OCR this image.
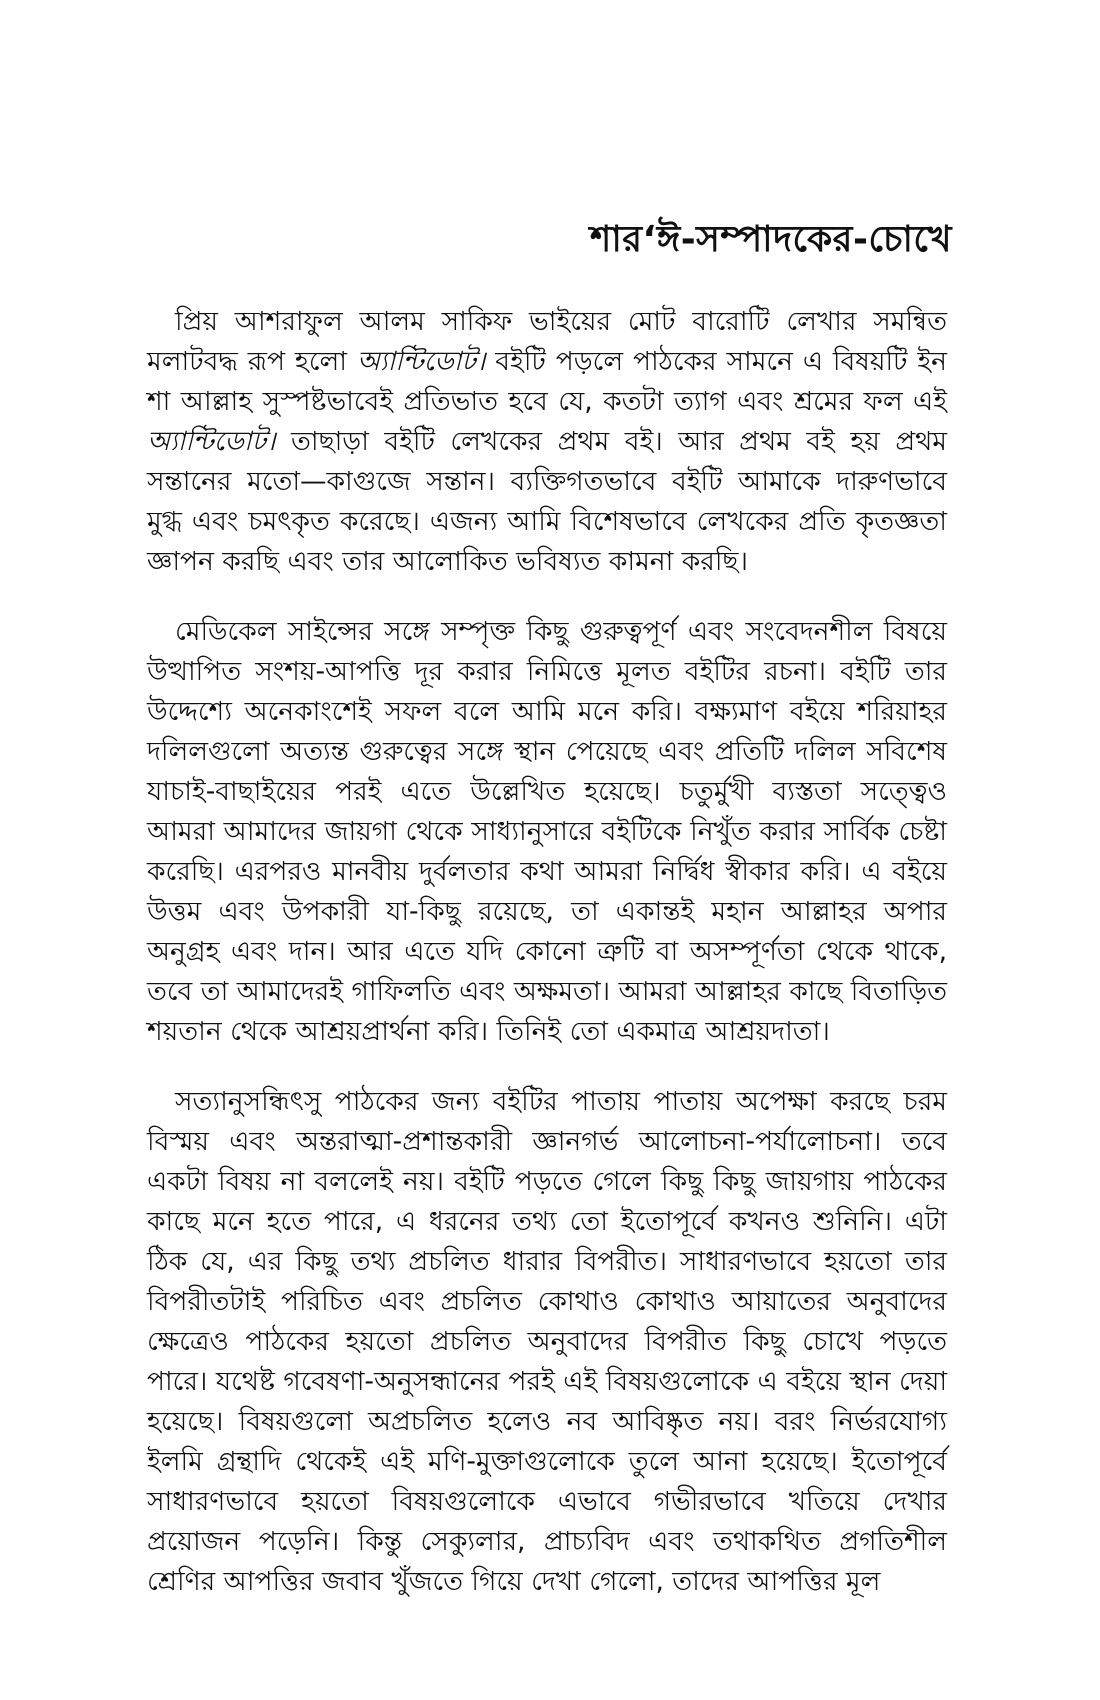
শার‘ঈ-সম্পাদকের-চোখে

প্রিয় আশরাফুল আলম সাকিফ ভাইয়ের মোট বারোটি লেখার সমন্বিত মলাটবদ্ধ রূপ হলো অ্যান্টিডোট। বইটি পড়লে পাঠকের সামনে এ বিষয়টি ইন শা আল্লাহ সুস্পষ্টভাবেই প্রতিভাত হবে যে, কতটা ত্যাগ এবং শ্রমের ফল এই অ্যান্টিডোট। তাছাড়া বইটি লেখকের প্রথম বই। আর প্রথম বই হয় প্রথম সন্তানের মতো—কাগুজে সন্তান। ব্যক্তিগতভাবে বইটি আমাকে দারুণভাবে মুগ্ধ এবং চমৎকৃত করেছে। এজন্য আমি বিশেষভাবে লেখকের প্রতি কৃতজ্ঞতা জ্ঞাপন করছি এবং তার আলোকিত ভবিষ্যত কামনা করছি।

মেডিকেল সাইন্সের সঙ্গে সম্পৃক্ত কিছু গুরুত্বপূর্ণ এবং সংবেদনশীল বিষয়ে উত্থাপিত সংশয়-আপত্তি দূর করার নিমিত্তে মূলত বইটির রচনা। বইটি তার উদ্দেশ্যে অনেকাংশেই সফল বলে আমি মনে করি। বক্ষ্যমাণ বইয়ে শরিয়াহর দলিলগুলো অত্যন্ত গুরুত্বের সঙ্গে স্থান পেয়েছে এবং প্রতিটি দলিল সবিশেষ যাচাই-বাছাইয়ের পরই এতে উল্লেখিত হয়েছে। চতুর্মুখী ব্যস্ততা সত্ত্বেও আমরা আমাদের জায়গা থেকে সাধ্যানুসারে বইটিকে নিখুঁত করার সার্বিক চেষ্টা করেছি। এরপরও মানবীয় দুর্বলতার কথা আমরা নির্দ্বিধ স্বীকার করি। এ বইয়ে উত্তম এবং উপকারী যা-কিছু রয়েছে, তা একান্তই মহান আল্লাহর অপার অনুগ্রহ এবং দান। আর এতে যদি কোনো ত্রুটি বা অসম্পূর্ণতা থেকে থাকে, তবে তা আমাদেরই গাফিলতি এবং অক্ষমতা। আমরা আল্লাহর কাছে বিতাড়িত শয়তান থেকে আশ্রয়প্রার্থনা করি। তিনিই তো একমাত্র আশ্রয়দাতা।

সত্যানুসন্ধিৎসু পাঠকের জন্য বইটির পাতায় পাতায় অপেক্ষা করছে চরম বিস্ময় এবং অন্তরাত্মা-প্রশান্তকারী জ্ঞানগর্ভ আলোচনা-পর্যালোচনা। তবে একটা বিষয় না বললেই নয়। বইটি পড়তে গেলে কিছু কিছু জায়গায় পাঠকের কাছে মনে হতে পারে, এ ধরনের তথ্য তো ইতোপূর্বে কখনও শুনিনি। এটা ঠিক যে, এর কিছু তথ্য প্রচলিত ধারার বিপরীত। সাধারণভাবে হয়তো তার বিপরীতটাই পরিচিত এবং প্রচলিত কোথাও কোথাও আয়াতের অনুবাদের ক্ষেত্রেও পাঠকের হয়তো প্রচলিত অনুবাদের বিপরীত কিছু চোখে পড়তে পারে। যথেষ্ট গবেষণা-অনুসন্ধানের পরই এই বিষয়গুলোকে এ বইয়ে স্থান দেয়া হয়েছে। বিষয়গুলো অপ্রচলিত হলেও নব আবিষ্কৃত নয়। বরং নির্ভরযোগ্য ইলমি গ্রন্থাদি থেকেই এই মণি-মুক্তাগুলোকে তুলে আনা হয়েছে। ইতোপূর্বে সাধারণভাবে হয়তো বিষয়গুলোকে এভাবে গভীরভাবে খতিয়ে দেখার প্রয়োজন পড়েনি। কিন্তু সেক্যুলার, প্রাচ্যবিদ এবং তথাকথিত প্রগতিশীল শ্রেণির আপত্তির জবাব খুঁজতে গিয়ে দেখা গেলো, তাদের আপত্তির মূল
